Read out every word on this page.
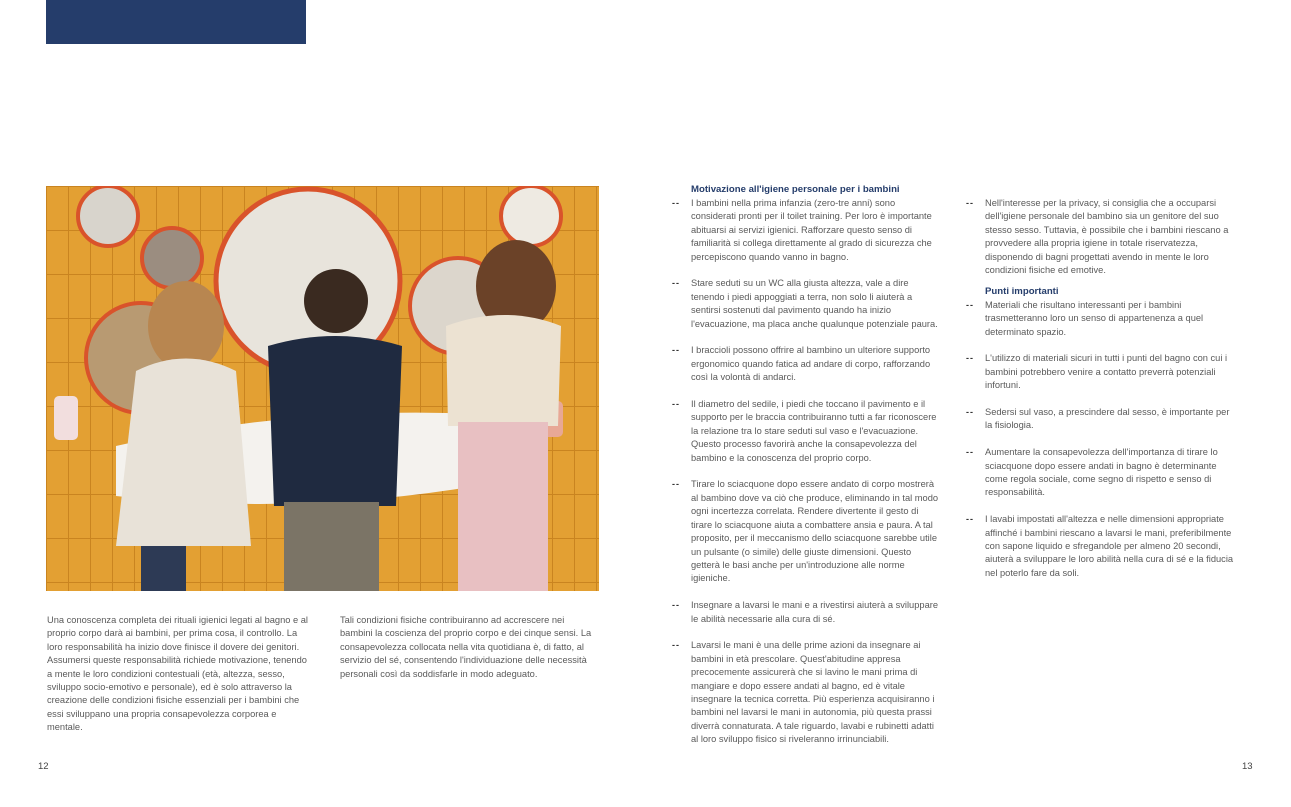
Una conoscenza completa dei rituali igienici legati al bagno e al proprio corpo darà ai bambini, per prima cosa, il controllo. La loro responsabilità ha inizio dove finisce il dovere dei genitori. Assumersi queste responsabilità richiede motivazione, tenendo a mente le loro condizioni contestuali (età, altezza, sesso, sviluppo socio-emotivo e personale), ed è solo attraverso la creazione delle condizioni fisiche essenziali per i bambini che essi sviluppano una propria consapevolezza corporea e mentale.

Tali condizioni fisiche contribuiranno ad accrescere nei bambini la coscienza del proprio corpo e dei cinque sensi. La consapevolezza collocata nella vita quotidiana è, di fatto, al servizio del sé, consentendo l'individuazione delle necessità personali così da soddisfarle in modo adeguato.

Motivazione all'igiene personale per i bambini
-- I bambini nella prima infanzia (zero-tre anni) sono considerati pronti per il toilet training. Per loro è importante abituarsi ai servizi igienici. Rafforzare questo senso di familiarità si collega direttamente al grado di sicurezza che percepiscono quando vanno in bagno.
-- Stare seduti su un WC alla giusta altezza, vale a dire tenendo i piedi appoggiati a terra, non solo li aiuterà a sentirsi sostenuti dal pavimento quando ha inizio l'evacuazione, ma placa anche qualunque potenziale paura.
-- I braccioli possono offrire al bambino un ulteriore supporto ergonomico quando fatica ad andare di corpo, rafforzando così la volontà di andarci.
-- Il diametro del sedile, i piedi che toccano il pavimento e il supporto per le braccia contribuiranno tutti a far riconoscere la relazione tra lo stare seduti sul vaso e l'evacuazione. Questo processo favorirà anche la consapevolezza del bambino e la conoscenza del proprio corpo.
-- Tirare lo sciacquone dopo essere andato di corpo mostrerà al bambino dove va ciò che produce, eliminando in tal modo ogni incertezza correlata. Rendere divertente il gesto di tirare lo sciacquone aiuta a combattere ansia e paura. A tal proposito, per il meccanismo dello sciacquone sarebbe utile un pulsante (o simile) delle giuste dimensioni. Questo getterà le basi anche per un'introduzione alle norme igieniche.
-- Insegnare a lavarsi le mani e a rivestirsi aiuterà a sviluppare le abilità necessarie alla cura di sé.
-- Lavarsi le mani è una delle prime azioni da insegnare ai bambini in età prescolare. Quest'abitudine appresa precocemente assicurerà che si lavino le mani prima di mangiare e dopo essere andati al bagno, ed è vitale insegnare la tecnica corretta. Più esperienza acquisiranno i bambini nel lavarsi le mani in autonomia, più questa prassi diverrà connaturata. A tale riguardo, lavabi e rubinetti adatti al loro sviluppo fisico si riveleranno irrinunciabili.
-- Nell'interesse per la privacy, si consiglia che a occuparsi dell'igiene personale del bambino sia un genitore del suo stesso sesso. Tuttavia, è possibile che i bambini riescano a provvedere alla propria igiene in totale riservatezza, disponendo di bagni progettati avendo in mente le loro condizioni fisiche ed emotive.
Punti importanti
-- Materiali che risultano interessanti per i bambini trasmetteranno loro un senso di appartenenza a quel determinato spazio.
-- L'utilizzo di materiali sicuri in tutti i punti del bagno con cui i bambini potrebbero venire a contatto preverrà potenziali infortuni.
-- Sedersi sul vaso, a prescindere dal sesso, è importante per la fisiologia.
-- Aumentare la consapevolezza dell'importanza di tirare lo sciacquone dopo essere andati in bagno è determinante come regola sociale, come segno di rispetto e senso di responsabilità.
-- I lavabi impostati all'altezza e nelle dimensioni appropriate affinché i bambini riescano a lavarsi le mani, preferibilmente con sapone liquido e sfregandole per almeno 20 secondi, aiuterà a sviluppare le loro abilità nella cura di sé e la fiducia nel poterlo fare da soli.
12	13
